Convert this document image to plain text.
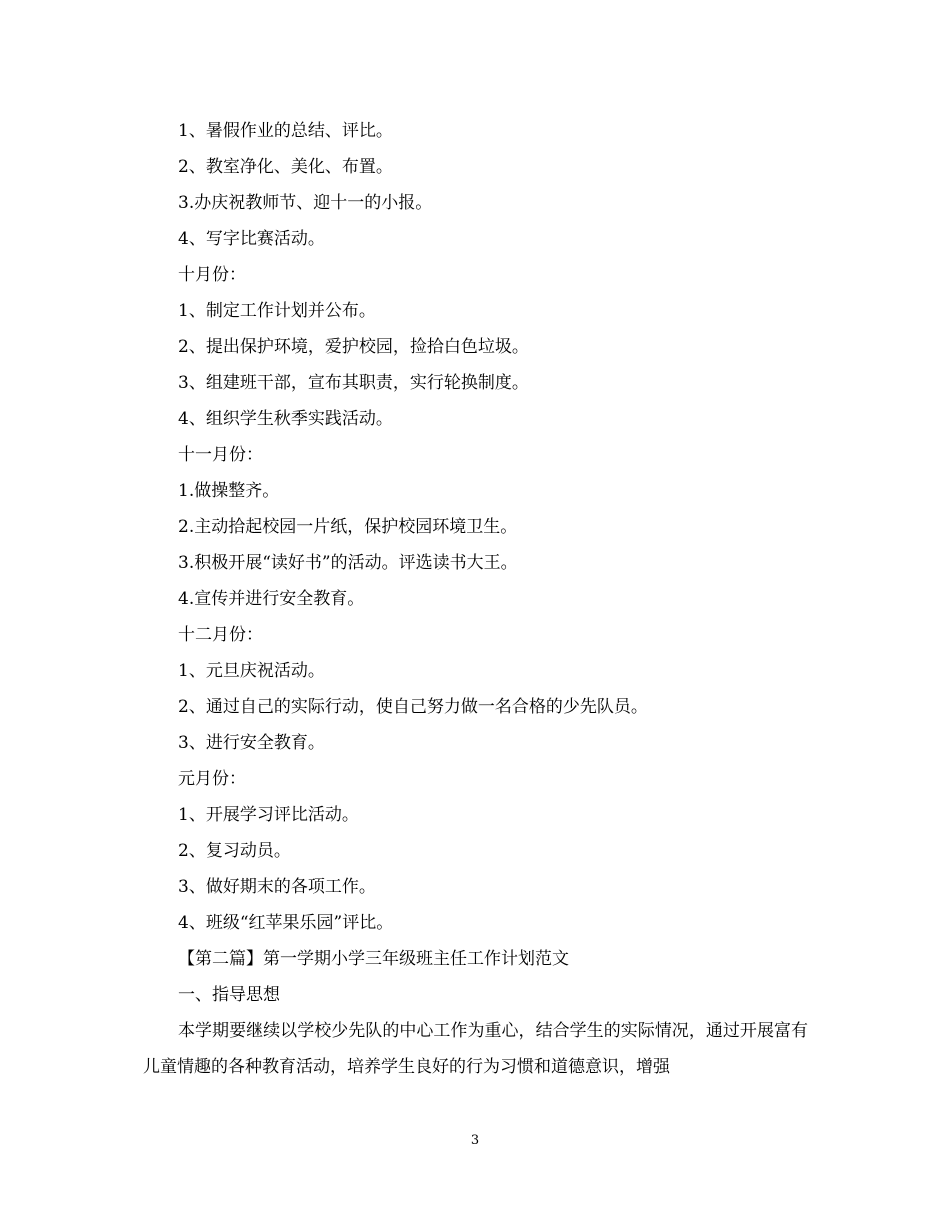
1、暑假作业的总结、评比。
2、教室净化、美化、布置。
3.办庆祝教师节、迎十一的小报。
4、写字比赛活动。
十月份：
1、制定工作计划并公布。
2、提出保护环境，爱护校园，捡拾白色垃圾。
3、组建班干部，宣布其职责，实行轮换制度。
4、组织学生秋季实践活动。
十一月份：
1.做操整齐。
2.主动拾起校园一片纸，保护校园环境卫生。
3.积极开展“读好书”的活动。评选读书大王。
4.宣传并进行安全教育。
十二月份：
1、元旦庆祝活动。
2、通过自己的实际行动，使自己努力做一名合格的少先队员。
3、进行安全教育。
元月份：
1、开展学习评比活动。
2、复习动员。
3、做好期末的各项工作。
4、班级“红苹果乐园”评比。
【第二篇】第一学期小学三年级班主任工作计划范文
一、指导思想

本学期要继续以学校少先队的中心工作为重心，结合学生的实际情况，通过开展富有儿童情趣的各种教育活动，培养学生良好的行为习惯和道德意识，增强

3
